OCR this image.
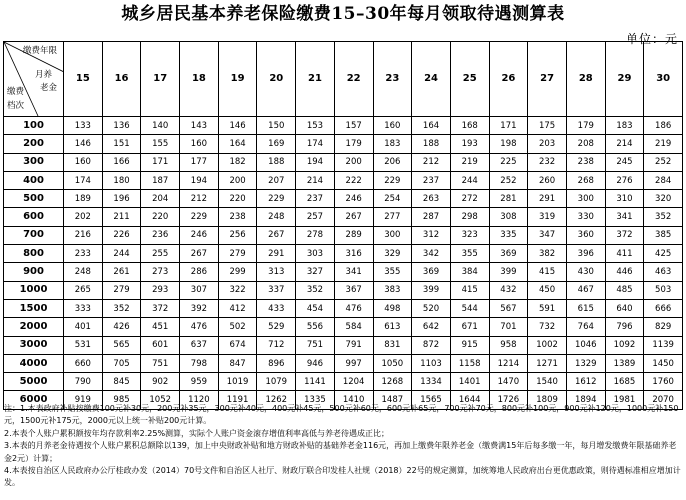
城乡居民基本养老保险缴费15–30年每月领取待遇测算表
单位：元
缴费年限
月养
老金
缴费
档次	15	16	17	18	19	20	21	22	23	24	25	26	27	28	29	30
100	133	136	140	143	146	150	153	157	160	164	168	171	175	179	183	186
200	146	151	155	160	164	169	174	179	183	188	193	198	203	208	214	219
300	160	166	171	177	182	188	194	200	206	212	219	225	232	238	245	252
400	174	180	187	194	200	207	214	222	229	237	244	252	260	268	276	284
500	189	196	204	212	220	229	237	246	254	263	272	281	291	300	310	320
600	202	211	220	229	238	248	257	267	277	287	298	308	319	330	341	352
700	216	226	236	246	256	267	278	289	300	312	323	335	347	360	372	385
800	233	244	255	267	279	291	303	316	329	342	355	369	382	396	411	425
900	248	261	273	286	299	313	327	341	355	369	384	399	415	430	446	463
1000	265	279	293	307	322	337	352	367	383	399	415	432	450	467	485	503
1500	333	352	372	392	412	433	454	476	498	520	544	567	591	615	640	666
2000	401	426	451	476	502	529	556	584	613	642	671	701	732	764	796	829
3000	531	565	601	637	674	712	751	791	831	872	915	958	1002	1046	1092	1139
4000	660	705	751	798	847	896	946	997	1050	1103	1158	1214	1271	1329	1389	1450
5000	790	845	902	959	1019	1079	1141	1204	1268	1334	1401	1470	1540	1612	1685	1760
6000	919	985	1052	1120	1191	1262	1335	1410	1487	1565	1644	1726	1809	1894	1981	2070
注：1.本表政府补贴按缴费100元补30元，200元补35元，300元补40元，400元补45元，500元补60元，600元补65元，700元补70元，800元补100元，900元补120元，1000元补150元，1500元补175元，2000元以上统一补贴200元计算。
2.本表个人账户累积额按年均存款利率2.25%测算，实际个人账户资金滚存增值利率高低与养老待遇成正比；
3.本表的月养老金待遇按个人账户累积总额除以139，加上中央财政补贴和地方财政补贴的基础养老金116元，再加上缴费年限养老金（缴费满15年后每多缴一年，每月增发缴费年限基础养老金2元）计算；
4.本表按自治区人民政府办公厅桂政办发（2014）70号文件和自治区人社厅、财政厅联合印发桂人社规（2018）22号的规定测算，加统筹地人民政府出台更优惠政策，则待遇标准相应增加计发。
